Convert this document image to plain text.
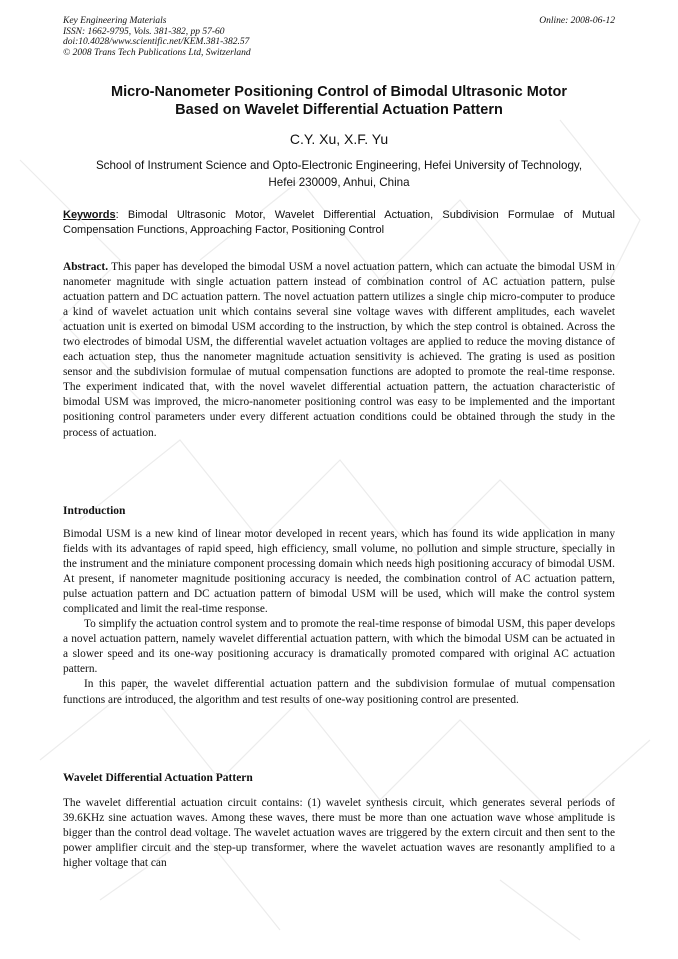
Key Engineering Materials
ISSN: 1662-9795, Vols. 381-382, pp 57-60
doi:10.4028/www.scientific.net/KEM.381-382.57
© 2008 Trans Tech Publications Ltd, Switzerland
Online: 2008-06-12
Micro-Nanometer Positioning Control of Bimodal Ultrasonic Motor
Based on Wavelet Differential Actuation Pattern
C.Y. Xu, X.F. Yu
School of Instrument Science and Opto-Electronic Engineering, Hefei University of Technology,
Hefei 230009, Anhui, China
Keywords: Bimodal Ultrasonic Motor, Wavelet Differential Actuation, Subdivision Formulae of Mutual Compensation Functions, Approaching Factor, Positioning Control

Abstract. This paper has developed the bimodal USM a novel actuation pattern, which can actuate the bimodal USM in nanometer magnitude with single actuation pattern instead of combination control of AC actuation pattern, pulse actuation pattern and DC actuation pattern. The novel actuation pattern utilizes a single chip micro-computer to produce a kind of wavelet actuation unit which contains several sine voltage waves with different amplitudes, each wavelet actuation unit is exerted on bimodal USM according to the instruction, by which the step control is obtained. Across the two electrodes of bimodal USM, the differential wavelet actuation voltages are applied to reduce the moving distance of each actuation step, thus the nanometer magnitude actuation sensitivity is achieved. The grating is used as position sensor and the subdivision formulae of mutual compensation functions are adopted to promote the real-time response. The experiment indicated that, with the novel wavelet differential actuation pattern, the actuation characteristic of bimodal USM was improved, the micro-nanometer positioning control was easy to be implemented and the important positioning control parameters under every different actuation conditions could be obtained through the study in the process of actuation.

Introduction

Bimodal USM is a new kind of linear motor developed in recent years, which has found its wide application in many fields with its advantages of rapid speed, high efficiency, small volume, no pollution and simple structure, specially in the instrument and the miniature component processing domain which needs high positioning accuracy of bimodal USM. At present, if nanometer magnitude positioning accuracy is needed, the combination control of AC actuation pattern, pulse actuation pattern and DC actuation pattern of bimodal USM will be used, which will make the control system complicated and limit the real-time response.

To simplify the actuation control system and to promote the real-time response of bimodal USM, this paper develops a novel actuation pattern, namely wavelet differential actuation pattern, with which the bimodal USM can be actuated in a slower speed and its one-way positioning accuracy is dramatically promoted compared with original AC actuation pattern.

In this paper, the wavelet differential actuation pattern and the subdivision formulae of mutual compensation functions are introduced, the algorithm and test results of one-way positioning control are presented.

Wavelet Differential Actuation Pattern

The wavelet differential actuation circuit contains: (1) wavelet synthesis circuit, which generates several periods of 39.6KHz sine actuation waves. Among these waves, there must be more than one actuation wave whose amplitude is bigger than the control dead voltage. The wavelet actuation waves are triggered by the extern circuit and then sent to the power amplifier circuit and the step-up transformer, where the wavelet actuation waves are resonantly amplified to a higher voltage that can
